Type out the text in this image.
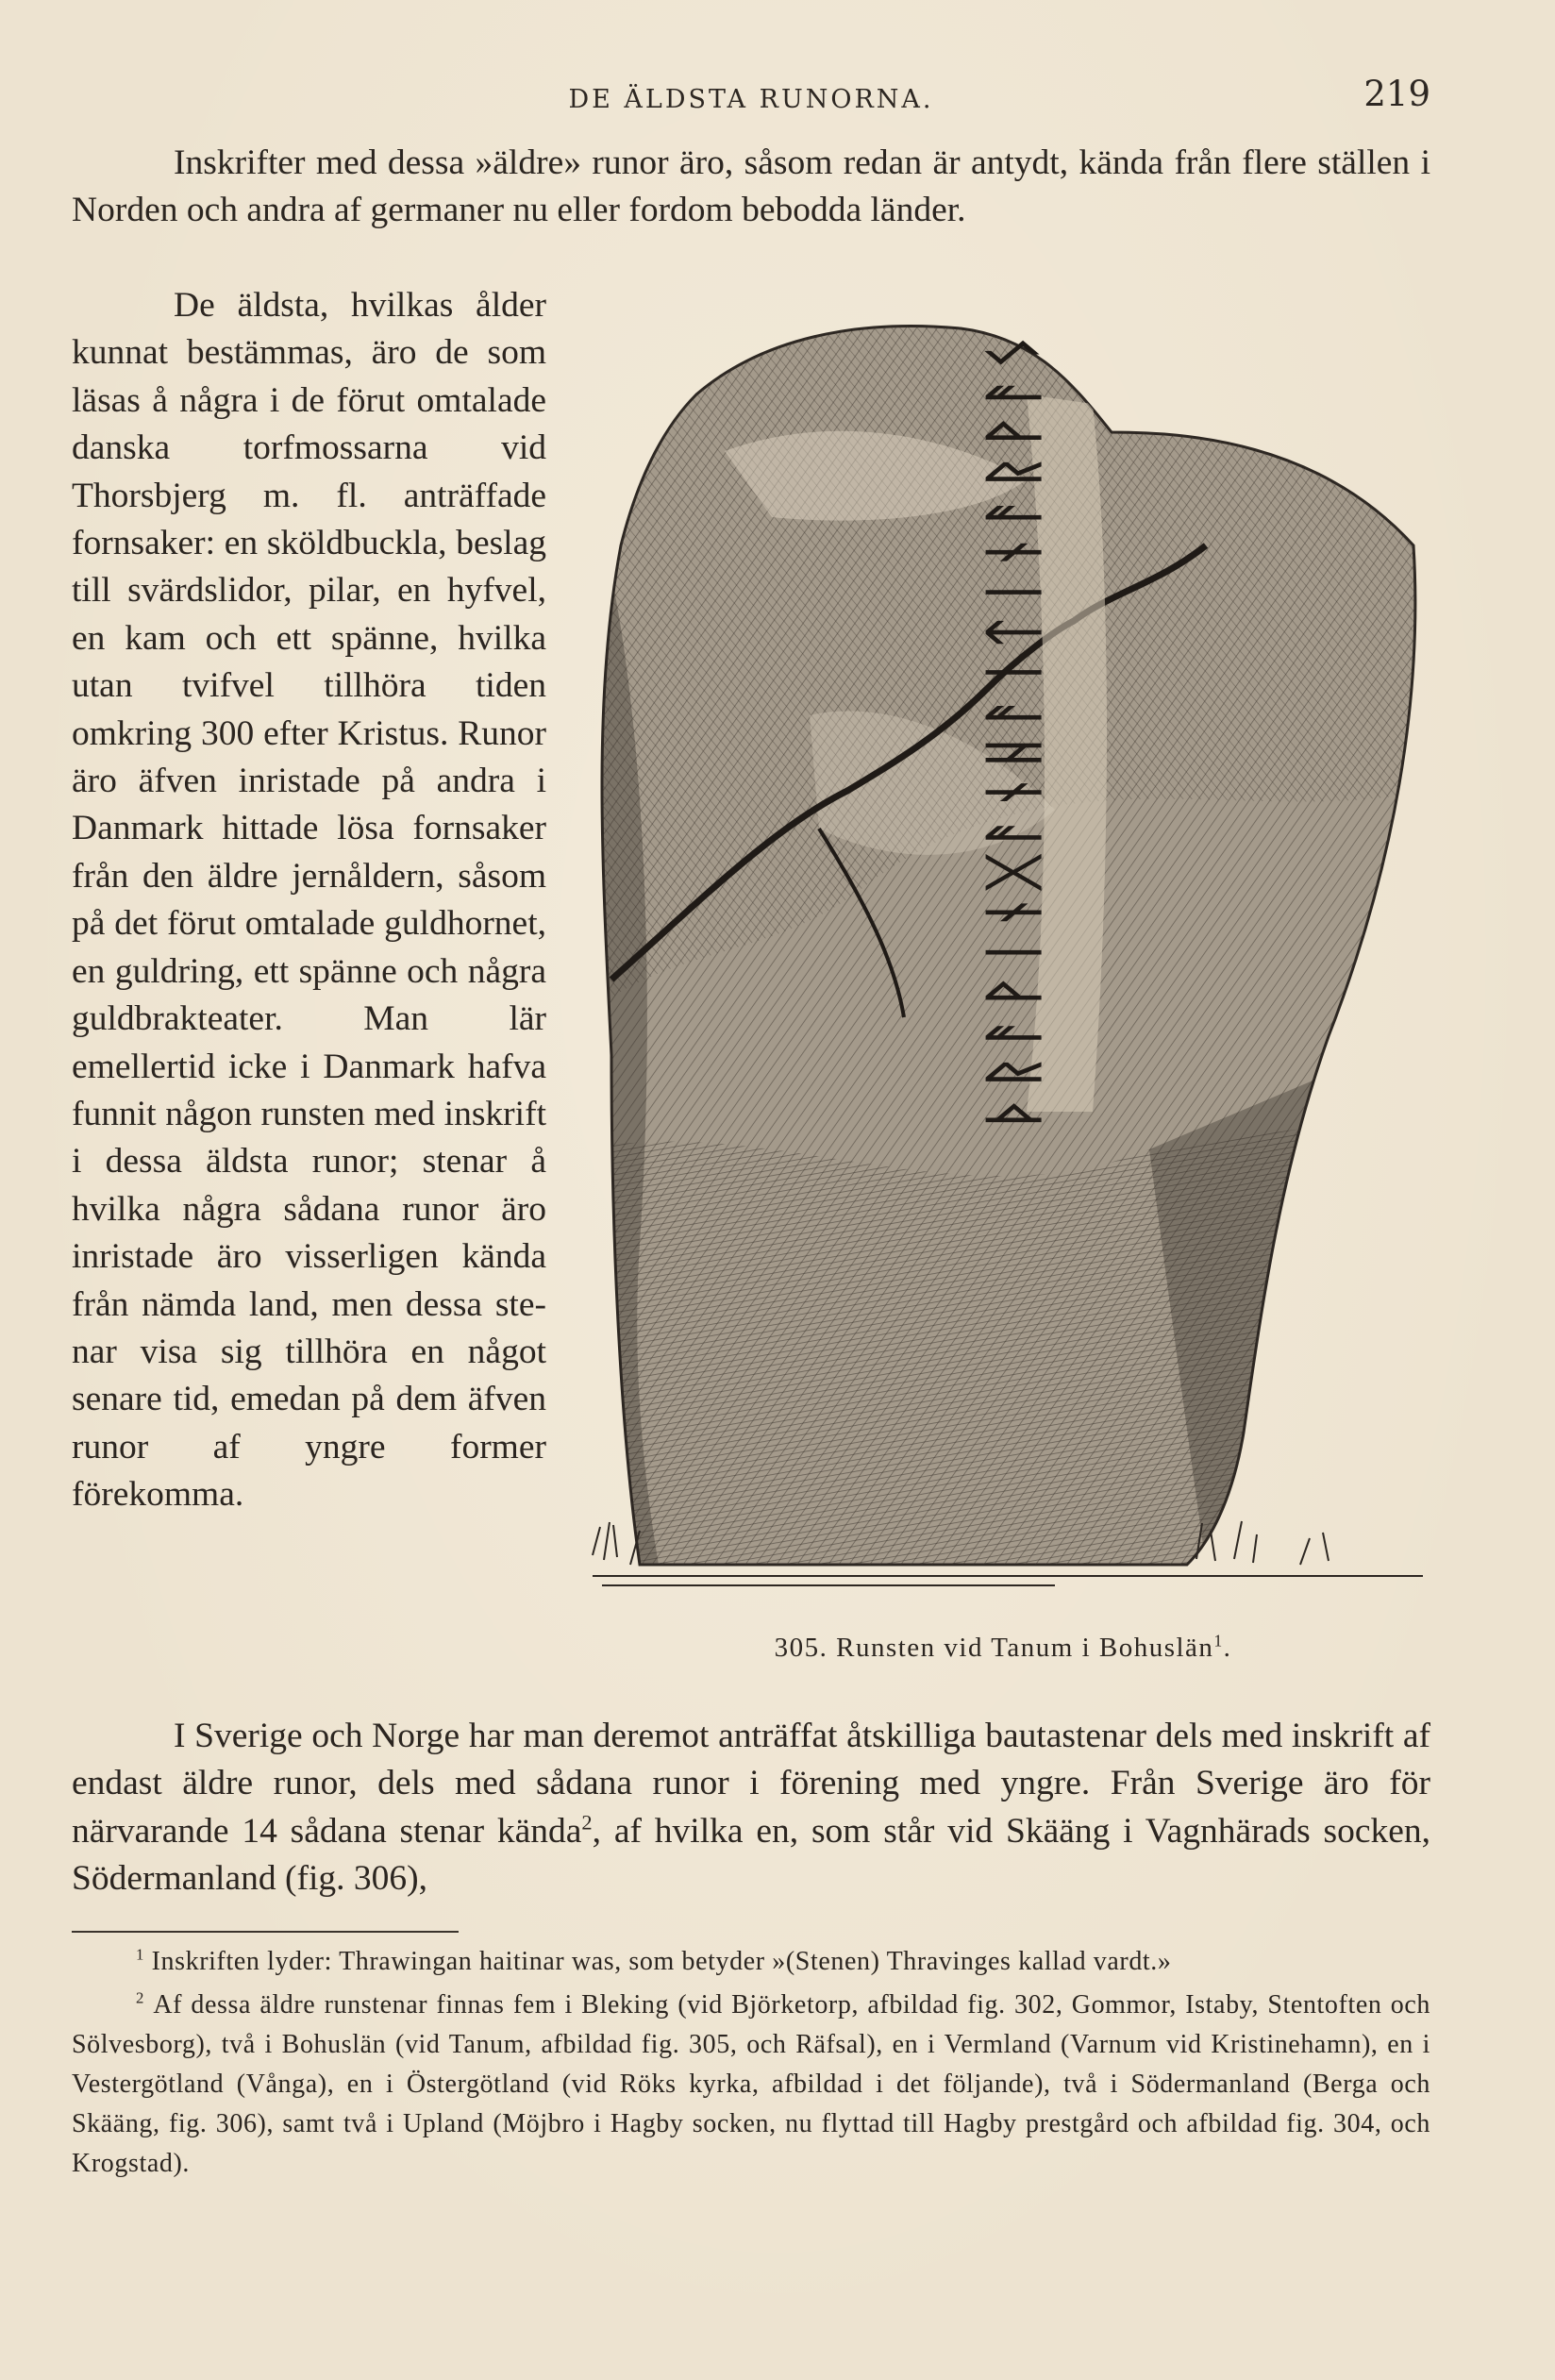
DE ÄLDSTA RUNORNA.	219

Inskrifter med dessa »äldre» runor äro, såsom redan är antydt, kända från flere ställen i Norden och andra af germaner nu eller fordom bebodda länder.

De äldsta, hvilkas ålder kunnat bestämmas, äro de som läsas å några i de förut omtalade danska torfmossarna vid Thorsbjerg m. fl. anträffade fornsaker: en sköldbuckla, beslag till svärdslidor, pilar, en hyfvel, en kam och ett spänne, hvilka utan tvifvel tillhöra tiden omkring 300 efter Kristus. Runor äro äfven inristade på andra i Danmark hittade lösa fornsaker från den äldre jernåldern, såsom på det förut omtalade guldhornet, en guldring, ett spänne och några guldbrakteater. Man lär emellertid icke i Danmark hafva funnit någon runsten med inskrift i dessa äldsta runor; stenar å hvilka några sådana runor äro inristade äro visserligen kända från nämda land, men dessa stenar visa sig tillhöra en något senare tid, emedan på dem äfven runor af yngre former förekomma.

ᚦᚱᚨᚹᛁᚾᚷᚨᚾᚺᚨᛁᛏᛁᚾᚨᚱᚹᚨᛊ
305. Runsten vid Tanum i Bohuslän$^1$.

I Sverige och Norge har man deremot anträffat åtskilliga bautastenar dels med inskrift af endast äldre runor, dels med sådana runor i förening med yngre. Från Sverige äro för närvarande 14 sådana stenar kända$^2$, af hvilka en, som står vid Skääng i Vagnhärads socken, Södermanland (fig. 306),

$^1$ Inskriften lyder: Thrawingan haitinar was, som betyder »(Stenen) Thravinges kallad vardt.»

$^2$ Af dessa äldre runstenar finnas fem i Bleking (vid Björketorp, afbildad fig. 302, Gommor, Istaby, Stentoften och Sölvesborg), två i Bohuslän (vid Tanum, afbildad fig. 305, och Räfsal), en i Vermland (Varnum vid Kristinehamn), en i Vestergötland (Vånga), en i Östergötland (vid Röks kyrka, afbildad i det följande), två i Södermanland (Berga och Skääng, fig. 306), samt två i Upland (Möjbro i Hagby socken, nu flyttad till Hagby prestgård och afbildad fig. 304, och Krogstad).
